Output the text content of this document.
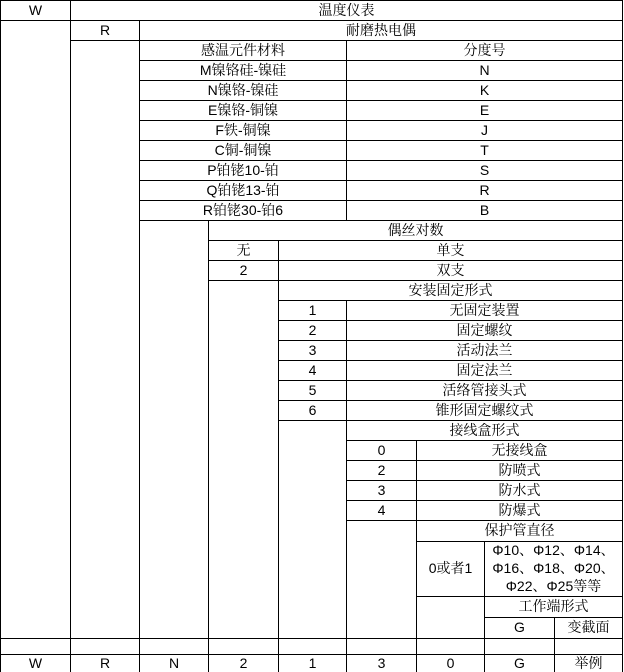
W	温度仪表							
	R	耐磨热电偶						
		感温元件材料			分度号			
		M镍铬硅-镍硅			N			
		N镍铬-镍硅			K			
		E镍铬-铜镍			E			
		F铁-铜镍			J			
		C铜-铜镍			T			
		P铂铑10-铂			S			
		Q铂铑13-铂			R			
		R铂铑30-铂6			B			
			偶丝对数					
			无	单支				
			2	双支				
				安装固定形式				
				1	无固定装置			
				2	固定螺纹			
				3	活动法兰			
				4	固定法兰			
				5	活络管接头式			
				6	锥形固定螺纹式			
					接线盒形式			
					0	无接线盒		
					2	防喷式		
					3	防水式		
					4	防爆式		
						保护管直径		
						0或者1	Φ10、Φ12、Φ14、Φ16、Φ18、Φ20、Φ22、Φ25等等	
							工作端形式	
							G	变截面

W	R	N	2	1	3	0	G	举例
